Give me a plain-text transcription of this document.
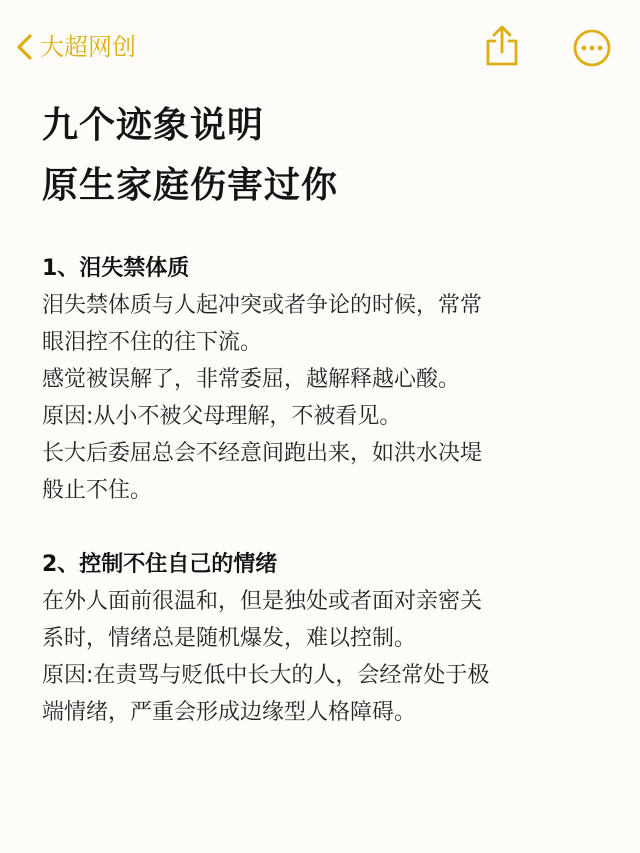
大超网创
九个迹象说明
原生家庭伤害过你

1、泪失禁体质

泪失禁体质与人起冲突或者争论的时候，常常

眼泪控不住的往下流。

感觉被误解了，非常委屈，越解释越心酸。

原因:从小不被父母理解，不被看见。

长大后委屈总会不经意间跑出来，如洪水决堤

般止不住。

2、控制不住自己的情绪

在外人面前很温和，但是独处或者面对亲密关

系时，情绪总是随机爆发，难以控制。

原因:在责骂与贬低中长大的人，会经常处于极

端情绪，严重会形成边缘型人格障碍。
